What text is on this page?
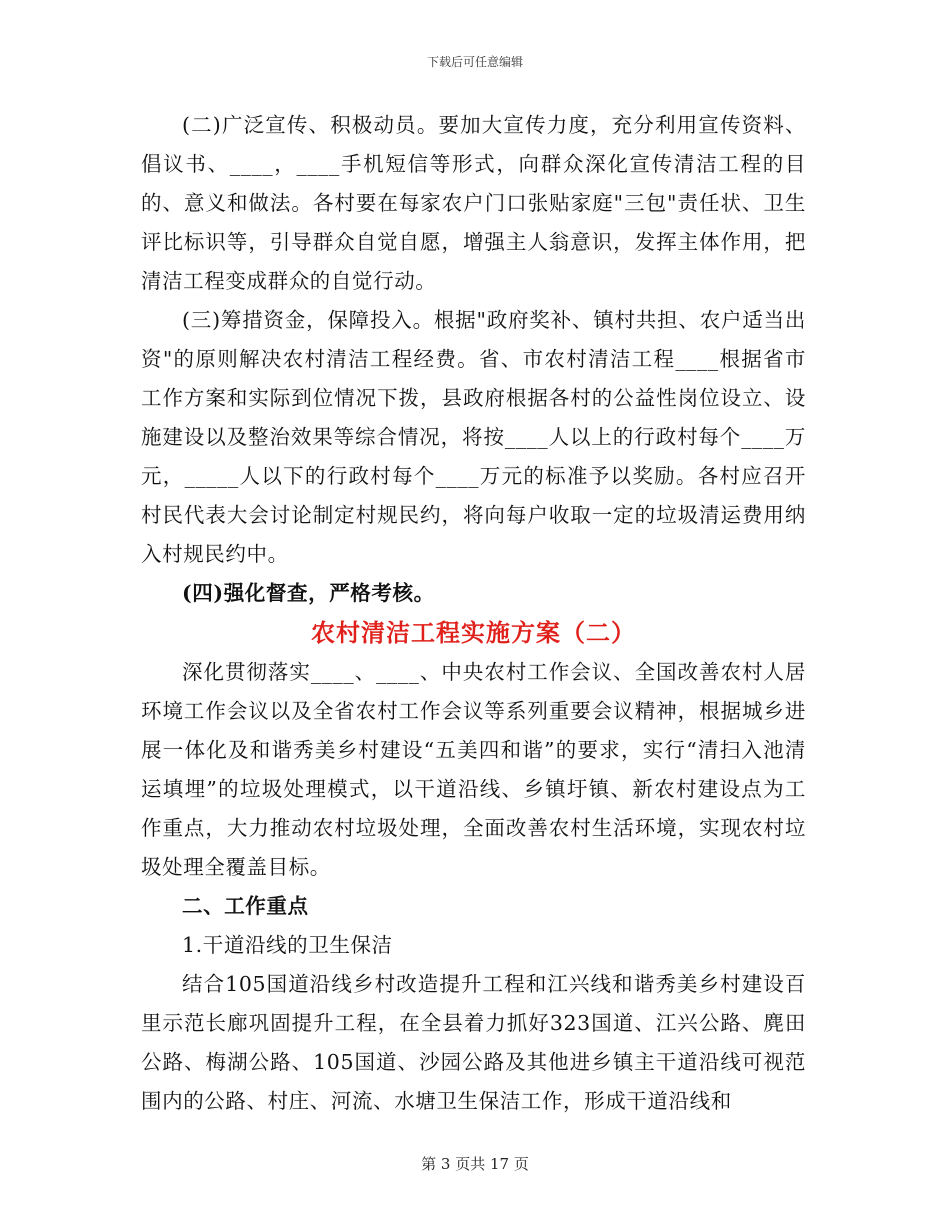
下载后可任意编辑

(二)广泛宣传、积极动员。要加大宣传力度，充分利用宣传资料、倡议书、____，____手机短信等形式，向群众深化宣传清洁工程的目的、意义和做法。各村要在每家农户门口张贴家庭"三包"责任状、卫生评比标识等，引导群众自觉自愿，增强主人翁意识，发挥主体作用，把清洁工程变成群众的自觉行动。

(三)筹措资金，保障投入。根据"政府奖补、镇村共担、农户适当出资"的原则解决农村清洁工程经费。省、市农村清洁工程____根据省市工作方案和实际到位情况下拨，县政府根据各村的公益性岗位设立、设施建设以及整治效果等综合情况，将按____人以上的行政村每个____万元，_____人以下的行政村每个____万元的标准予以奖励。各村应召开村民代表大会讨论制定村规民约，将向每户收取一定的垃圾清运费用纳入村规民约中。

(四)强化督查，严格考核。

农村清洁工程实施方案（二）

深化贯彻落实____、____、中央农村工作会议、全国改善农村人居环境工作会议以及全省农村工作会议等系列重要会议精神，根据城乡进展一体化及和谐秀美乡村建设“五美四和谐”的要求，实行“清扫入池清运填埋”的垃圾处理模式，以干道沿线、乡镇圩镇、新农村建设点为工作重点，大力推动农村垃圾处理，全面改善农村生活环境，实现农村垃圾处理全覆盖目标。

二、工作重点

1.干道沿线的卫生保洁

结合105国道沿线乡村改造提升工程和江兴线和谐秀美乡村建设百里示范长廊巩固提升工程，在全县着力抓好323国道、江兴公路、麂田公路、梅湖公路、105国道、沙园公路及其他进乡镇主干道沿线可视范围内的公路、村庄、河流、水塘卫生保洁工作，形成干道沿线和

第 3 页共 17 页
